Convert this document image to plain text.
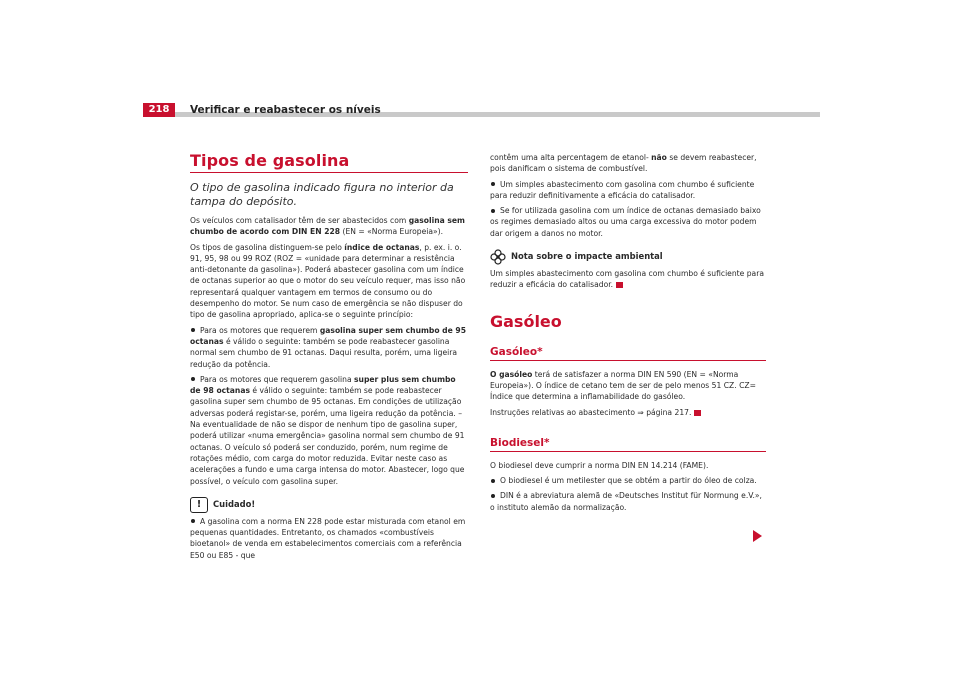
218	Verificar e reabastecer os níveis
Tipos de gasolina
O tipo de gasolina indicado figura no interior da tampa do depósito.

Os veículos com catalisador têm de ser abastecidos com gasolina sem chumbo de acordo com DIN EN 228 (EN = «Norma Europeia»).

Os tipos de gasolina distinguem-se pelo índice de octanas, p. ex. i. o. 91, 95, 98 ou 99 ROZ (ROZ = «unidade para determinar a resistência anti-detonante da gasolina»). Poderá abastecer gasolina com um índice de octanas superior ao que o motor do seu veículo requer, mas isso não representará qualquer vantagem em termos de consumo ou do desempenho do motor. Se num caso de emergência se não dispuser do tipo de gasolina apropriado, aplica-se o seguinte princípio:

Para os motores que requerem gasolina super sem chumbo de 95 octanas é válido o seguinte: também se pode reabastecer gasolina normal sem chumbo de 91 octanas. Daqui resulta, porém, uma ligeira redução da potência.

Para os motores que requerem gasolina super plus sem chumbo de 98 octanas é válido o seguinte: também se pode reabastecer gasolina super sem chumbo de 95 octanas. Em condições de utilização adversas poderá registar-se, porém, uma ligeira redução da potência. –Na eventualidade de não se dispor de nenhum tipo de gasolina super, poderá utilizar «numa emergência» gasolina normal sem chumbo de 91 octanas. O veículo só poderá ser conduzido, porém, num regime de rotações médio, com carga do motor reduzida. Evitar neste caso as acelerações a fundo e uma carga intensa do motor. Abastecer, logo que possível, o veículo com gasolina super.

!	Cuidado!

A gasolina com a norma EN 228 pode estar misturada com etanol em pequenas quantidades. Entretanto, os chamados «combustíveis bioetanol» de venda em estabelecimentos comerciais com a referência E50 ou E85 - que

contêm uma alta percentagem de etanol- não se devem reabastecer, pois danificam o sistema de combustível.

Um simples abastecimento com gasolina com chumbo é suficiente para reduzir definitivamente a eficácia do catalisador.

Se for utilizada gasolina com um índice de octanas demasiado baixo os regimes demasiado altos ou uma carga excessiva do motor podem dar origem a danos no motor.

Nota sobre o impacte ambiental

Um simples abastecimento com gasolina com chumbo é suficiente para reduzir a eficácia do catalisador.

Gasóleo
Gasóleo*

O gasóleo terá de satisfazer a norma DIN EN 590 (EN = «Norma Europeia»). O índice de cetano tem de ser de pelo menos 51 CZ. CZ= Índice que determina a inflamabilidade do gasóleo.

Instruções relativas ao abastecimento ⇒ página 217.

Biodiesel*

O biodiesel deve cumprir a norma DIN EN 14.214 (FAME).

O biodiesel é um metilester que se obtém a partir do óleo de colza.

DIN é a abreviatura alemã de «Deutsches Institut für Normung e.V.», o instituto alemão da normalização.
